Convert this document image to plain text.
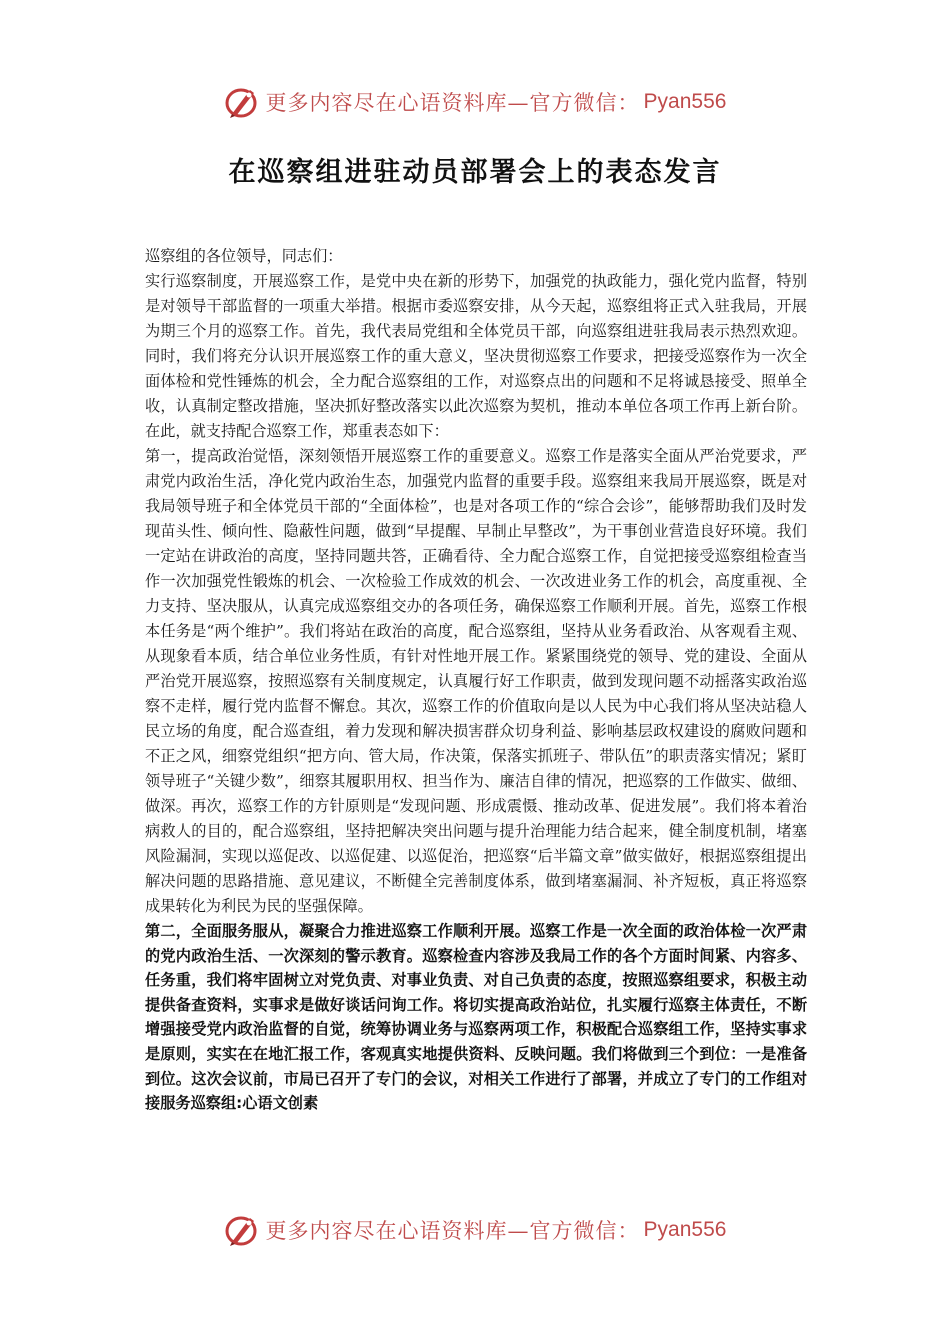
更多内容尽在心语资料库—官方微信： Pyan556
在巡察组进驻动员部署会上的表态发言

巡察组的各位领导，同志们：

实行巡察制度，开展巡察工作，是党中央在新的形势下，加强党的执政能力，强化党内监督，特别是对领导干部监督的一项重大举措。根据市委巡察安排，从今天起，巡察组将正式入驻我局，开展为期三个月的巡察工作。首先，我代表局党组和全体党员干部，向巡察组进驻我局表示热烈欢迎。同时，我们将充分认识开展巡察工作的重大意义，坚决贯彻巡察工作要求，把接受巡察作为一次全面体检和党性锤炼的机会，全力配合巡察组的工作，对巡察点出的问题和不足将诚恳接受、照单全收，认真制定整改措施，坚决抓好整改落实以此次巡察为契机，推动本单位各项工作再上新台阶。在此，就支持配合巡察工作，郑重表态如下：

第一，提高政治觉悟，深刻领悟开展巡察工作的重要意义。巡察工作是落实全面从严治党要求，严肃党内政治生活，净化党内政治生态，加强党内监督的重要手段。巡察组来我局开展巡察，既是对我局领导班子和全体党员干部的“全面体检”，也是对各项工作的“综合会诊”，能够帮助我们及时发现苗头性、倾向性、隐蔽性问题，做到“早提醒、早制止早整改”，为干事创业营造良好环境。我们一定站在讲政治的高度，坚持同题共答，正确看待、全力配合巡察工作，自觉把接受巡察组检查当作一次加强党性锻炼的机会、一次检验工作成效的机会、一次改进业务工作的机会，高度重视、全力支持、坚决服从，认真完成巡察组交办的各项任务，确保巡察工作顺利开展。首先，巡察工作根本任务是“两个维护”。我们将站在政治的高度，配合巡察组，坚持从业务看政治、从客观看主观、从现象看本质，结合单位业务性质，有针对性地开展工作。紧紧围绕党的领导、党的建设、全面从严治党开展巡察，按照巡察有关制度规定，认真履行好工作职责，做到发现问题不动摇落实政治巡察不走样，履行党内监督不懈怠。其次，巡察工作的价值取向是以人民为中心我们将从坚决站稳人民立场的角度，配合巡查组，着力发现和解决损害群众切身利益、影响基层政权建设的腐败问题和不正之风，细察党组织“把方向、管大局，作决策，保落实抓班子、带队伍”的职责落实情况；紧盯领导班子“关键少数”，细察其履职用权、担当作为、廉洁自律的情况，把巡察的工作做实、做细、做深。再次，巡察工作的方针原则是“发现问题、形成震慑、推动改革、促进发展”。我们将本着治病救人的目的，配合巡察组，坚持把解决突出问题与提升治理能力结合起来，健全制度机制，堵塞风险漏洞，实现以巡促改、以巡促建、以巡促治，把巡察“后半篇文章”做实做好，根据巡察组提出解决问题的思路措施、意见建议，不断健全完善制度体系，做到堵塞漏洞、补齐短板，真正将巡察成果转化为利民为民的坚强保障。

第二，全面服务服从，凝聚合力推进巡察工作顺利开展。巡察工作是一次全面的政治体检一次严肃的党内政治生活、一次深刻的警示教育。巡察检查内容涉及我局工作的各个方面时间紧、内容多、任务重，我们将牢固树立对党负责、对事业负责、对自己负责的态度，按照巡察组要求，积极主动提供备查资料，实事求是做好谈话问询工作。将切实提高政治站位，扎实履行巡察主体责任，不断增强接受党内政治监督的自觉，统筹协调业务与巡察两项工作，积极配合巡察组工作，坚持实事求是原则，实实在在地汇报工作，客观真实地提供资料、反映问题。我们将做到三个到位：一是准备到位。这次会议前，市局已召开了专门的会议，对相关工作进行了部署，并成立了专门的工作组对接服务巡察组:心语文创素

更多内容尽在心语资料库—官方微信： Pyan556
